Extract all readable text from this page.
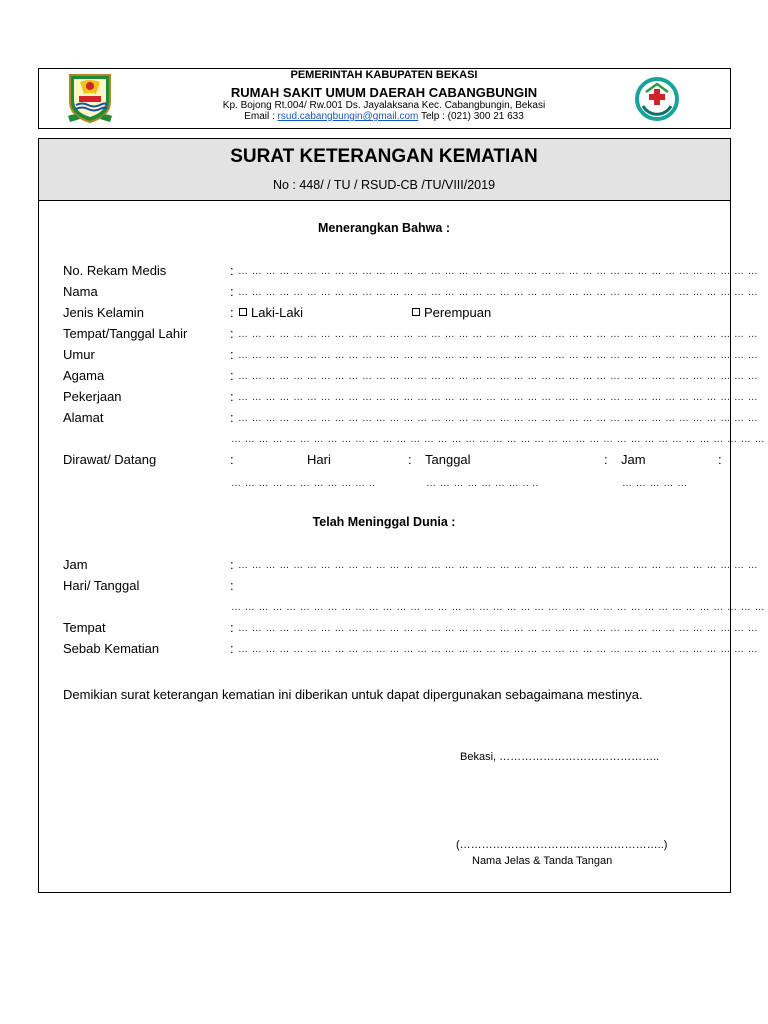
PEMERINTAH KABUPATEN BEKASI
RUMAH SAKIT UMUM DAERAH CABANGBUNGIN
Kp. Bojong Rt.004/ Rw.001 Ds. Jayalaksana Kec. Cabangbungin, Bekasi
Email : rsud.cabangbungin@gmail.com Telp : (021) 300 21 633
SURAT KETERANGAN KEMATIAN
No : 448/ / TU / RSUD-CB /TU/VIII/2019
Menerangkan Bahwa :
No. Rekam Medis	: … … … … … … … … … … … … … … … … … … … … … … … … … … … … … … … … … … … … … …
Nama	: … … … … … … … … … … … … … … … … … … … … … … … … … … … … … … … … … … … … … …
Jenis Kelamin	:	Laki-Laki	Perempuan
Tempat/Tanggal Lahir	: … … … … … … … … … … … … … … … … … … … … … … … … … … … … … … … … … … … … … …
Umur	: … … … … … … … … … … … … … … … … … … … … … … … … … … … … … … … … … … … … … …
Agama	: … … … … … … … … … … … … … … … … … … … … … … … … … … … … … … … … … … … … … …
Pekerjaan	: … … … … … … … … … … … … … … … … … … … … … … … … … … … … … … … … … … … … … …
Alamat	: … … … … … … … … … … … … … … … … … … … … … … … … … … … … … … … … … … … … … …
… … … … … … … … … … … … … … … … … … … … … … … … … … … … … … … … … … … … … … …
Dirawat/ Datang	:	Hari	: Tanggal	: Jam	:
… … … … … … … … … … ..	… … … … … … … .. ..	… … … … …
Telah Meninggal Dunia :
Jam	: … … … … … … … … … … … … … … … … … … … … … … … … … … … … … … … … … … … … … …
Hari/ Tanggal	:
… … … … … … … … … … … … … … … … … … … … … … … … … … … … … … … … … … … … … … …
Tempat	: … … … … … … … … … … … … … … … … … … … … … … … … … … … … … … … … … … … … … …
Sebab Kematian	: … … … … … … … … … … … … … … … … … … … … … … … … … … … … … … … … … … … … … …
Demikian surat keterangan kematian ini diberikan untuk dapat dipergunakan sebagaimana mestinya.
Bekasi, ……………………………………..
(………………………………………………..)
Nama Jelas & Tanda Tangan
